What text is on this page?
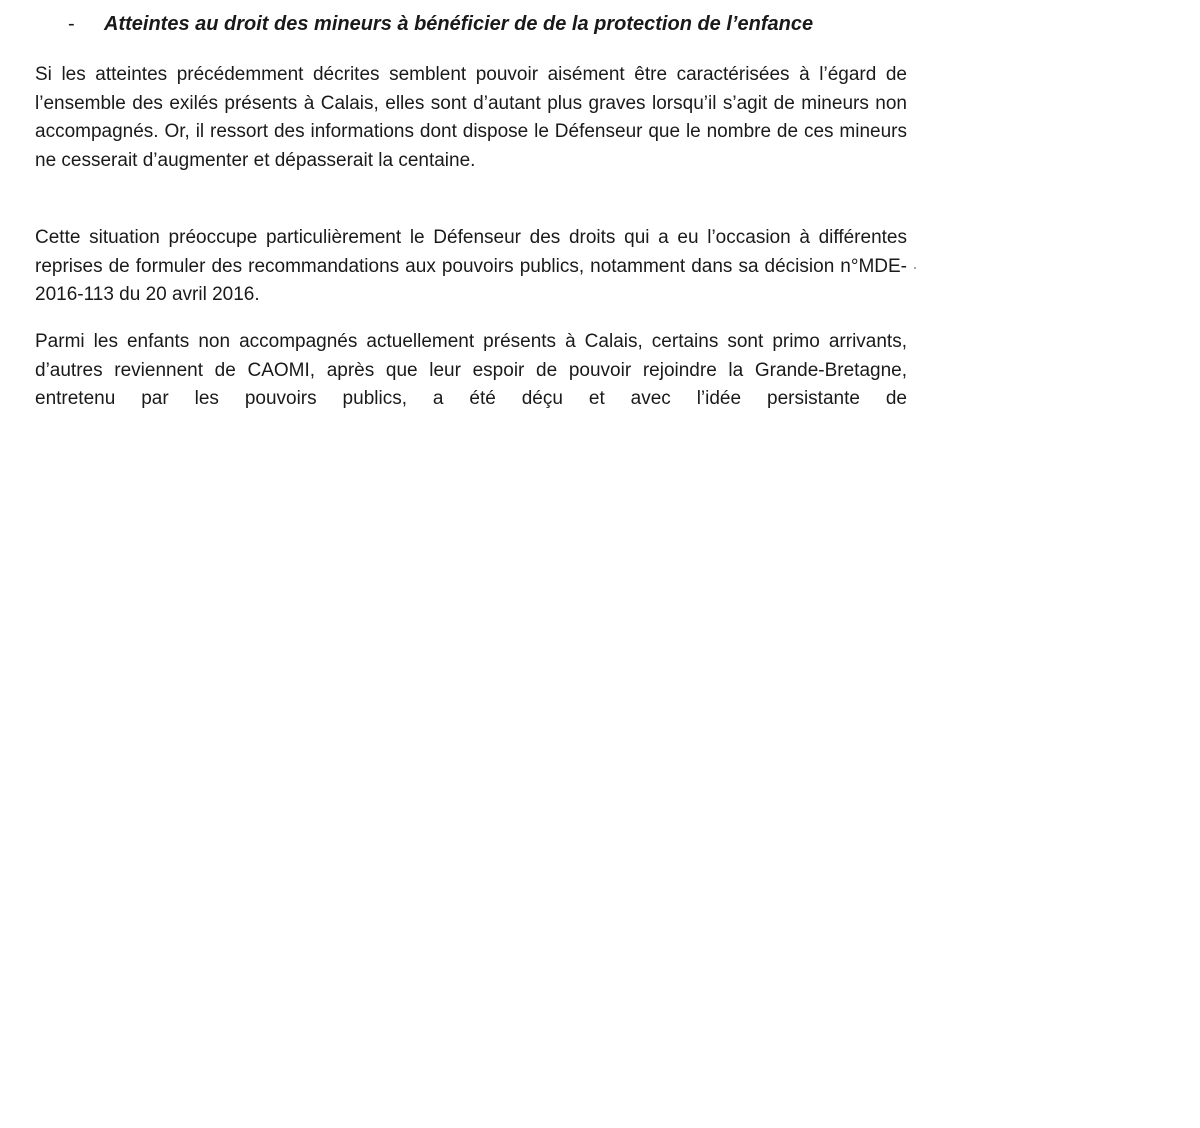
- Atteintes au droit des mineurs à bénéficier de de la protection de l’enfance

Si les atteintes précédemment décrites semblent pouvoir aisément être caractérisées à l’égard de l’ensemble des exilés présents à Calais, elles sont d’autant plus graves lorsqu’il s’agit de mineurs non accompagnés. Or, il ressort des informations dont dispose le Défenseur que le nombre de ces mineurs ne cesserait d’augmenter et dépasserait la centaine.

Cette situation préoccupe particulièrement le Défenseur des droits qui a eu l’occasion à différentes reprises de formuler des recommandations aux pouvoirs publics, notamment dans sa décision n°MDE-2016-113 du 20 avril 2016.

Parmi les enfants non accompagnés actuellement présents à Calais, certains sont primo arrivants, d’autres reviennent de CAOMI, après que leur espoir de pouvoir rejoindre la Grande-Bretagne, entretenu par les pouvoirs publics, a été déçu et avec l’idée persistante de
